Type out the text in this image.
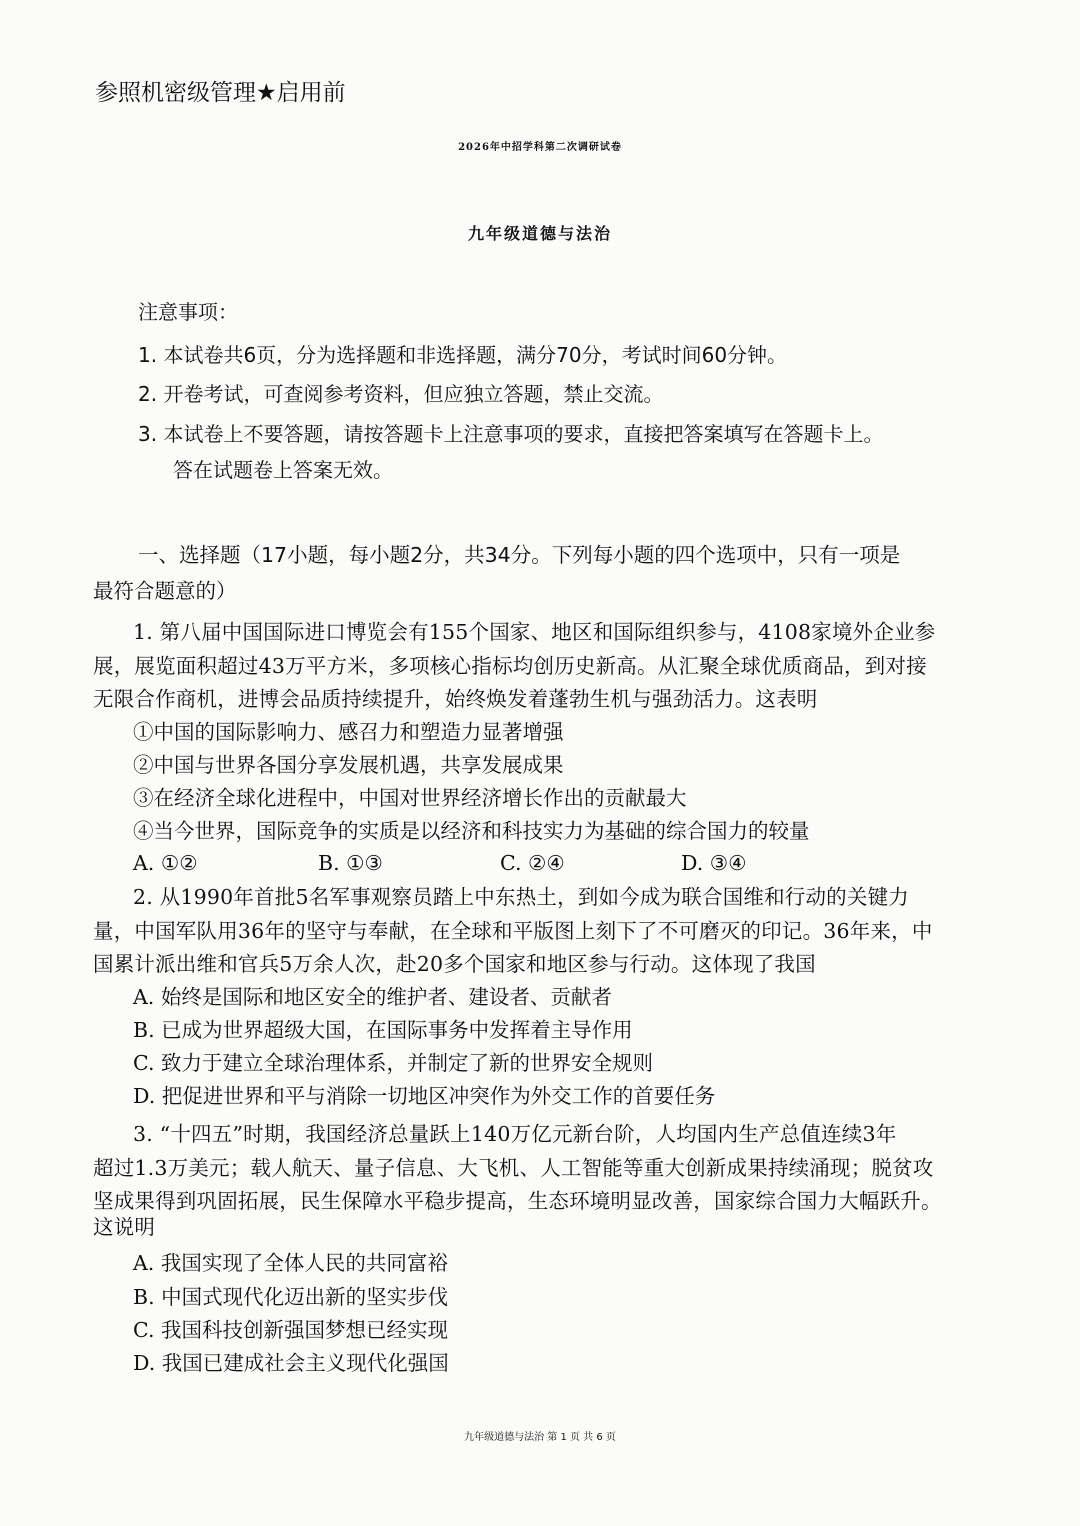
参照机密级管理★启用前
2026年中招学科第二次调研试卷
九年级道德与法治
注意事项：
1. 本试卷共6页，分为选择题和非选择题，满分70分，考试时间60分钟。
2. 开卷考试，可查阅参考资料，但应独立答题，禁止交流。
3. 本试卷上不要答题，请按答题卡上注意事项的要求，直接把答案填写在答题卡上。
答在试题卷上答案无效。
一、选择题（17小题，每小题2分，共34分。下列每小题的四个选项中，只有一项是
最符合题意的）
1. 第八届中国国际进口博览会有155个国家、地区和国际组织参与，4108家境外企业参
展，展览面积超过43万平方米，多项核心指标均创历史新高。从汇聚全球优质商品，到对接
无限合作商机，进博会品质持续提升，始终焕发着蓬勃生机与强劲活力。这表明
①中国的国际影响力、感召力和塑造力显著增强
②中国与世界各国分享发展机遇，共享发展成果
③在经济全球化进程中，中国对世界经济增长作出的贡献最大
④当今世界，国际竞争的实质是以经济和科技实力为基础的综合国力的较量
A. ①②	B. ①③	C. ②④	D. ③④
2. 从1990年首批5名军事观察员踏上中东热土，到如今成为联合国维和行动的关键力
量，中国军队用36年的坚守与奉献，在全球和平版图上刻下了不可磨灭的印记。36年来，中
国累计派出维和官兵5万余人次，赴20多个国家和地区参与行动。这体现了我国
A. 始终是国际和地区安全的维护者、建设者、贡献者
B. 已成为世界超级大国，在国际事务中发挥着主导作用
C. 致力于建立全球治理体系，并制定了新的世界安全规则
D. 把促进世界和平与消除一切地区冲突作为外交工作的首要任务
3. “十四五”时期，我国经济总量跃上140万亿元新台阶，人均国内生产总值连续3年
超过1.3万美元；载人航天、量子信息、大飞机、人工智能等重大创新成果持续涌现；脱贫攻
坚成果得到巩固拓展，民生保障水平稳步提高，生态环境明显改善，国家综合国力大幅跃升。
这说明
A. 我国实现了全体人民的共同富裕
B. 中国式现代化迈出新的坚实步伐
C. 我国科技创新强国梦想已经实现
D. 我国已建成社会主义现代化强国
九年级道德与法治 第 1 页 共 6 页
